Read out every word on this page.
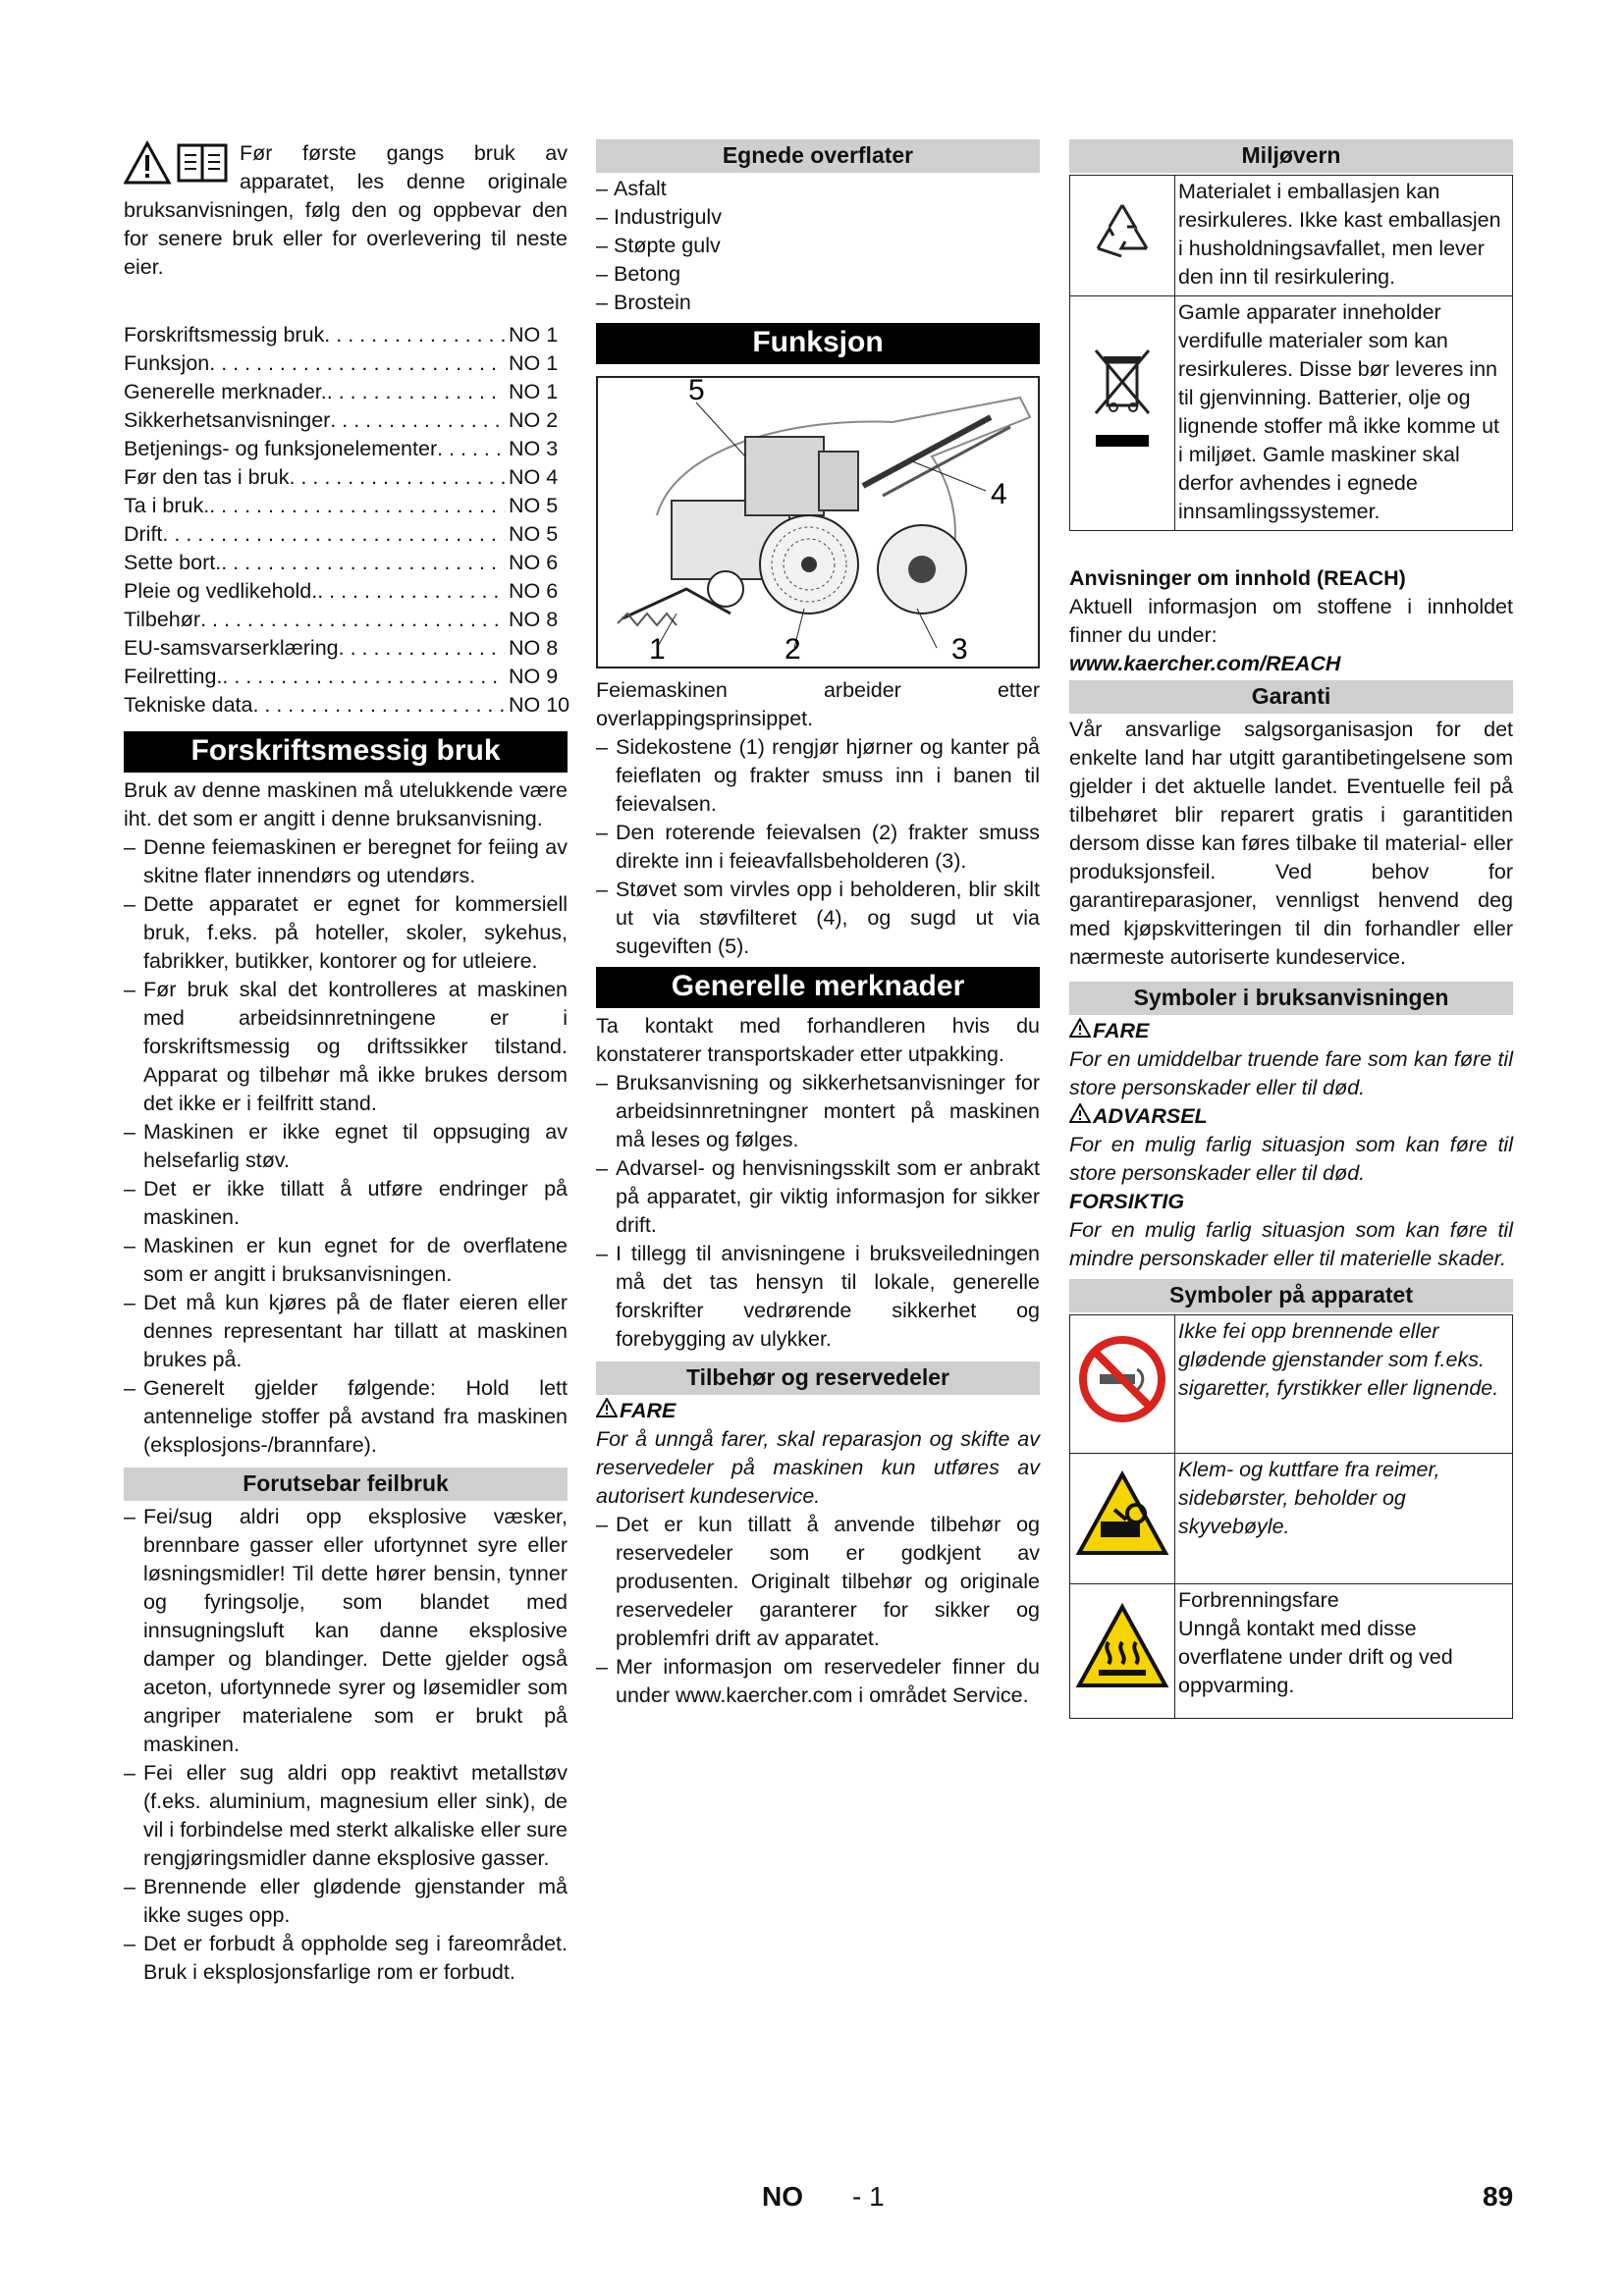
Før første gangs bruk av apparatet, les denne originale bruksanvisningen, følg den og oppbevar den for senere bruk eller for overlevering til neste eier.

Forskriftsmessig bruk . . .	NO 1
Funksjon . . .	NO 1
Generelle merknader. . . .	NO 1
Sikkerhetsanvisninger . . .	NO 2
Betjenings- og funksjonelementer . . .	NO 3
Før den tas i bruk . . .	NO 4
Ta i bruk. . . .	NO 5
Drift . . .	NO 5
Sette bort. . . .	NO 6
Pleie og vedlikehold. . . .	NO 6
Tilbehør . . .	NO 8
EU-samsvarserklæring . . .	NO 8
Feilretting. . . .	NO 9
Tekniske data . . .	NO 10
Forskriftsmessig bruk

Bruk av denne maskinen må utelukkende være iht. det som er angitt i denne bruksanvisning.

– Denne feiemaskinen er beregnet for feiing av skitne flater innendørs og utendørs.
– Dette apparatet er egnet for kommersiell bruk, f.eks. på hoteller, skoler, sykehus, fabrikker, butikker, kontorer og for utleiere.
– Før bruk skal det kontrolleres at maskinen med arbeidsinnretningene er i forskriftsmessig og driftssikker tilstand. Apparat og tilbehør må ikke brukes dersom det ikke er i feilfritt stand.
– Maskinen er ikke egnet til oppsuging av helsefarlig støv.
– Det er ikke tillatt å utføre endringer på maskinen.
– Maskinen er kun egnet for de overflatene som er angitt i bruksanvisningen.
– Det må kun kjøres på de flater eieren eller dennes representant har tillatt at maskinen brukes på.
– Generelt gjelder følgende: Hold lett antennelige stoffer på avstand fra maskinen (eksplosjons-/brannfare).
Forutsebar feilbruk
– Fei/sug aldri opp eksplosive væsker, brennbare gasser eller ufortynnet syre eller løsningsmidler! Til dette hører bensin, tynner og fyringsolje, som blandet med innsugningsluft kan danne eksplosive damper og blandinger. Dette gjelder også aceton, ufortynnede syrer og løsemidler som angriper materialene som er brukt på maskinen.
– Fei eller sug aldri opp reaktivt metallstøv (f.eks. aluminium, magnesium eller sink), de vil i forbindelse med sterkt alkaliske eller sure rengjøringsmidler danne eksplosive gasser.
– Brennende eller glødende gjenstander må ikke suges opp.
– Det er forbudt å oppholde seg i fareområdet. Bruk i eksplosjonsfarlige rom er forbudt.
Egnede overflater
– Asfalt
– Industrigulv
– Støpte gulv
– Betong
– Brostein
Funksjon
5
4
1	2	3

Feiemaskinen arbeider etter overlappingsprinsippet.

– Sidekostene (1) rengjør hjørner og kanter på feieflaten og frakter smuss inn i banen til feievalsen.
– Den roterende feievalsen (2) frakter smuss direkte inn i feieavfallsbeholderen (3).
– Støvet som virvles opp i beholderen, blir skilt ut via støvfilteret (4), og sugd ut via sugeviften (5).
Generelle merknader

Ta kontakt med forhandleren hvis du konstaterer transportskader etter utpakking.

– Bruksanvisning og sikkerhetsanvisninger for arbeidsinnretningner montert på maskinen må leses og følges.
– Advarsel- og henvisningsskilt som er anbrakt på apparatet, gir viktig informasjon for sikker drift.
– I tillegg til anvisningene i bruksveiledningen må det tas hensyn til lokale, generelle forskrifter vedrørende sikkerhet og forebygging av ulykker.
Tilbehør og reservedeler
FARE

For å unngå farer, skal reparasjon og skifte av reservedeler på maskinen kun utføres av autorisert kundeservice.

– Det er kun tillatt å anvende tilbehør og reservedeler som er godkjent av produsenten. Originalt tilbehør og originale reservedeler garanterer for sikker og problemfri drift av apparatet.
– Mer informasjon om reservedeler finner du under www.kaercher.com i området Service.
Miljøvern
	Materialet i emballasjen kan resirkuleres. Ikke kast emballasjen i husholdningsavfallet, men lever den inn til resirkulering.
	Gamle apparater inneholder verdifulle materialer som kan resirkuleres. Disse bør leveres inn til gjenvinning. Batterier, olje og lignende stoffer må ikke komme ut i miljøet. Gamle maskiner skal derfor avhendes i egnede innsamlingssystemer.
Anvisninger om innhold (REACH)

Aktuell informasjon om stoffene i innholdet finner du under:

www.kaercher.com/REACH
Garanti

Vår ansvarlige salgsorganisasjon for det enkelte land har utgitt garantibetingelsene som gjelder i det aktuelle landet. Eventuelle feil på tilbehøret blir reparert gratis i garantitiden dersom disse kan føres tilbake til material- eller produksjonsfeil. Ved behov for garantireparasjoner, vennligst henvend deg med kjøpskvitteringen til din forhandler eller nærmeste autoriserte kundeservice.

Symboler i bruksanvisningen
FARE

For en umiddelbar truende fare som kan føre til store personskader eller til død.

ADVARSEL

For en mulig farlig situasjon som kan føre til store personskader eller til død.

FORSIKTIG

For en mulig farlig situasjon som kan føre til mindre personskader eller til materielle skader.

Symboler på apparatet
	Ikke fei opp brennende eller glødende gjenstander som f.eks. sigaretter, fyrstikker eller lignende.
	Klem- og kuttfare fra reimer, sidebørster, beholder og skyvebøyle.
	Forbrenningsfare
Unngå kontakt med disse overflatene under drift og ved oppvarming.
NO - 1	89
